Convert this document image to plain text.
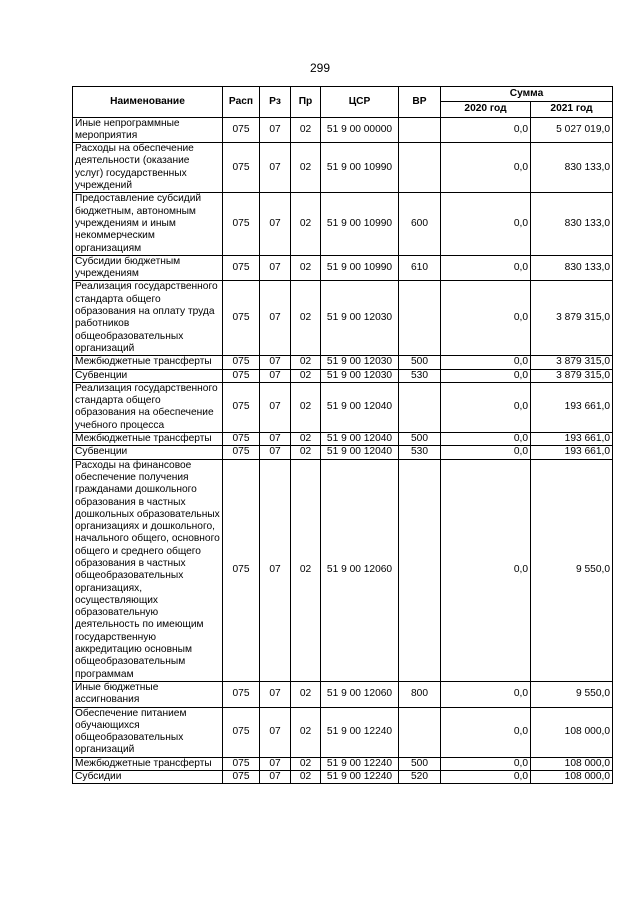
299
Наименование	Расп	Рз	Пр	ЦСР	ВР	Сумма	
						2020 год	2021 год
Иные непрограммные мероприятия	075	07	02	51 9 00 00000		0,0	5 027 019,0
Расходы на обеспечение деятельности (оказание услуг) государственных учреждений	075	07	02	51 9 00 10990		0,0	830 133,0
Предоставление субсидий бюджетным, автономным учреждениям и иным некоммерческим организациям	075	07	02	51 9 00 10990	600	0,0	830 133,0
Субсидии бюджетным учреждениям	075	07	02	51 9 00 10990	610	0,0	830 133,0
Реализация государственного стандарта общего образования на оплату труда работников общеобразовательных организаций	075	07	02	51 9 00 12030		0,0	3 879 315,0
Межбюджетные трансферты	075	07	02	51 9 00 12030	500	0,0	3 879 315,0
Субвенции	075	07	02	51 9 00 12030	530	0,0	3 879 315,0
Реализация государственного стандарта общего образования на обеспечение учебного процесса	075	07	02	51 9 00 12040		0,0	193 661,0
Межбюджетные трансферты	075	07	02	51 9 00 12040	500	0,0	193 661,0
Субвенции	075	07	02	51 9 00 12040	530	0,0	193 661,0
Расходы на финансовое обеспечение получения гражданами дошкольного образования в частных дошкольных образовательных организациях и дошкольного, начального общего, основного общего и среднего общего образования в частных общеобразовательных организациях, осуществляющих образовательную деятельность по имеющим государственную аккредитацию основным общеобразовательным программам	075	07	02	51 9 00 12060		0,0	9 550,0
Иные бюджетные ассигнования	075	07	02	51 9 00 12060	800	0,0	9 550,0
Обеспечение питанием обучающихся общеобразовательных организаций	075	07	02	51 9 00 12240		0,0	108 000,0
Межбюджетные трансферты	075	07	02	51 9 00 12240	500	0,0	108 000,0
Субсидии	075	07	02	51 9 00 12240	520	0,0	108 000,0
